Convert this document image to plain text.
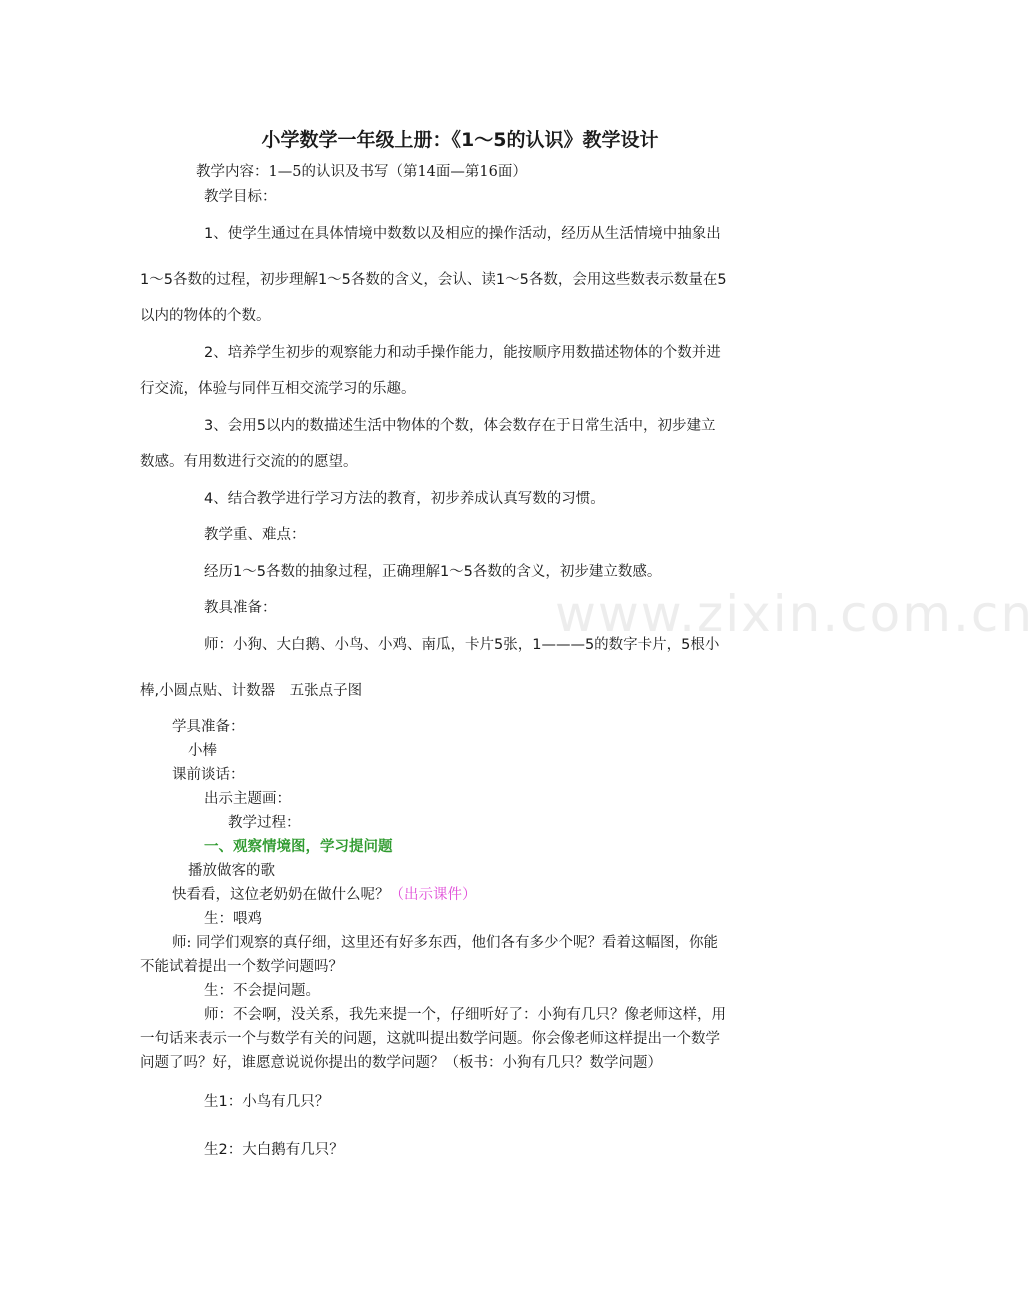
小学数学一年级上册：《1～5的认识》教学设计
教学内容：1—5的认识及书写（第14面—第16面）
教学目标：
1、使学生通过在具体情境中数数以及相应的操作活动，经历从生活情境中抽象出
1～5各数的过程，初步理解1～5各数的含义，会认、读1～5各数，会用这些数表示数量在5
以内的物体的个数。
2、培养学生初步的观察能力和动手操作能力，能按顺序用数描述物体的个数并进
行交流，体验与同伴互相交流学习的乐趣。
3、会用5以内的数描述生活中物体的个数，体会数存在于日常生活中，初步建立
数感。有用数进行交流的的愿望。
4、结合教学进行学习方法的教育，初步养成认真写数的习惯。
教学重、难点：
经历1～5各数的抽象过程，正确理解1～5各数的含义，初步建立数感。
教具准备：
师：小狗、大白鹅、小鸟、小鸡、南瓜，卡片5张，1———5的数字卡片，5根小
棒,小圆点贴、计数器　五张点子图
学具准备：
小棒
课前谈话：
出示主题画：
教学过程：
一、观察情境图，学习提问题
播放做客的歌
快看看，这位老奶奶在做什么呢？（出示课件）
生：喂鸡
师: 同学们观察的真仔细，这里还有好多东西，他们各有多少个呢？看着这幅图，你能
不能试着提出一个数学问题吗？
生：不会提问题。
师：不会啊，没关系，我先来提一个，仔细听好了：小狗有几只？像老师这样，用
一句话来表示一个与数学有关的问题，这就叫提出数学问题。你会像老师这样提出一个数学
问题了吗？好，谁愿意说说你提出的数学问题？（板书：小狗有几只？数学问题）
生1：小鸟有几只？
生2：大白鹅有几只？
www.zixin.com.cn
